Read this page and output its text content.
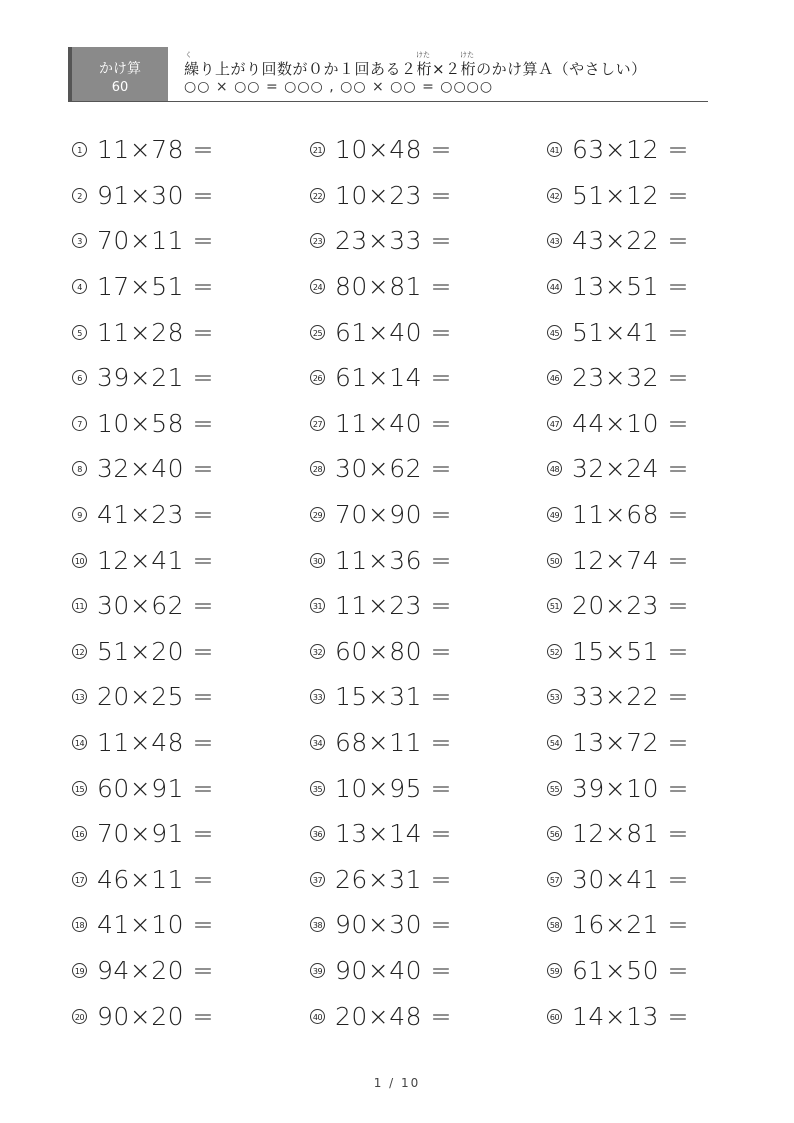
かけ算
60
く	けた	けた
繰り上がり回数が０か１回ある２桁×２桁のかけ算Ａ（やさしい）
○○ × ○○ = ○○○ , ○○ × ○○ = ○○○○
1 11×78 =
2 91×30 =
3 70×11 =
4 17×51 =
5 11×28 =
6 39×21 =
7 10×58 =
8 32×40 =
9 41×23 =
10 12×41 =
11 30×62 =
12 51×20 =
13 20×25 =
14 11×48 =
15 60×91 =
16 70×91 =
17 46×11 =
18 41×10 =
19 94×20 =
20 90×20 =
21 10×48 =
22 10×23 =
23 23×33 =
24 80×81 =
25 61×40 =
26 61×14 =
27 11×40 =
28 30×62 =
29 70×90 =
30 11×36 =
31 11×23 =
32 60×80 =
33 15×31 =
34 68×11 =
35 10×95 =
36 13×14 =
37 26×31 =
38 90×30 =
39 90×40 =
40 20×48 =
41 63×12 =
42 51×12 =
43 43×22 =
44 13×51 =
45 51×41 =
46 23×32 =
47 44×10 =
48 32×24 =
49 11×68 =
50 12×74 =
51 20×23 =
52 15×51 =
53 33×22 =
54 13×72 =
55 39×10 =
56 12×81 =
57 30×41 =
58 16×21 =
59 61×50 =
60 14×13 =
1 / 10
